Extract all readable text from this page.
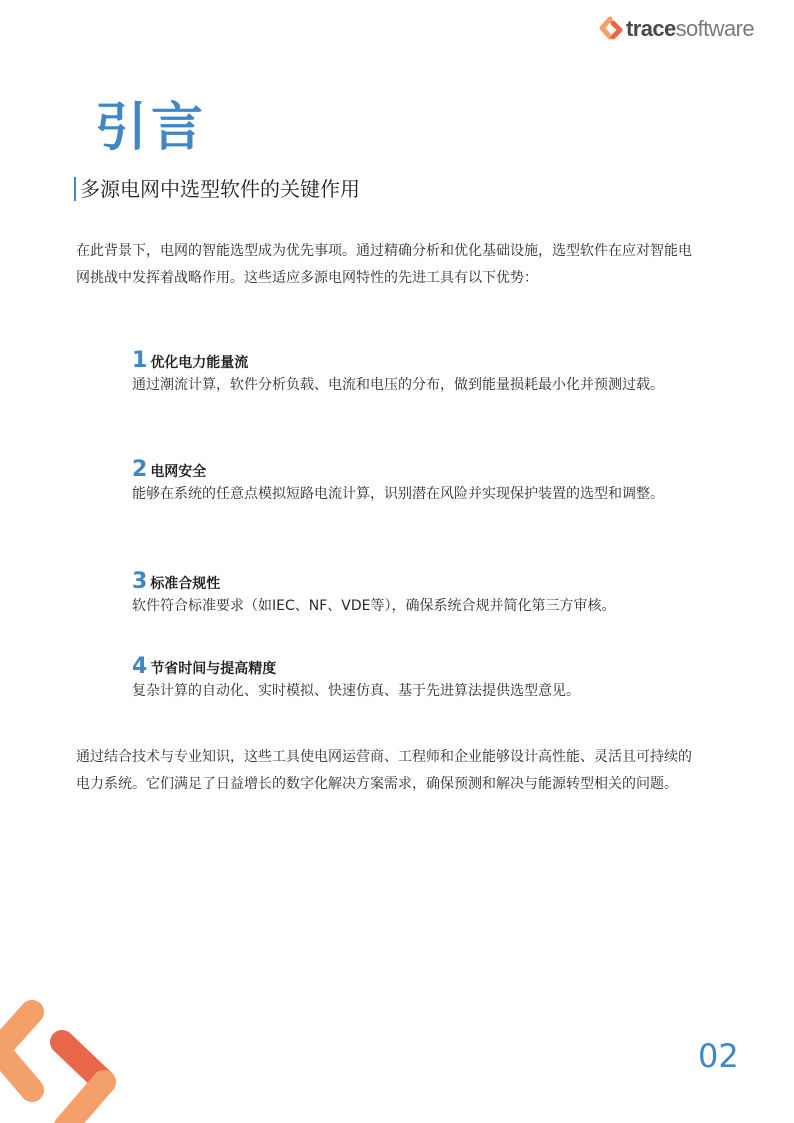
tracesoftware
引言
多源电网中选型软件的关键作用

在此背景下，电网的智能选型成为优先事项。通过精确分析和优化基础设施，选型软件在应对智能电网挑战中发挥着战略作用。这些适应多源电网特性的先进工具有以下优势：

1 优化电力能量流
通过潮流计算，软件分析负载、电流和电压的分布，做到能量损耗最小化并预测过载。
2 电网安全
能够在系统的任意点模拟短路电流计算，识别潜在风险并实现保护装置的选型和调整。
3 标准合规性
软件符合标准要求（如IEC、NF、VDE等），确保系统合规并简化第三方审核。
4 节省时间与提高精度
复杂计算的自动化、实时模拟、快速仿真、基于先进算法提供选型意见。

通过结合技术与专业知识，这些工具使电网运营商、工程师和企业能够设计高性能、灵活且可持续的电力系统。它们满足了日益增长的数字化解决方案需求，确保预测和解决与能源转型相关的问题。

02
